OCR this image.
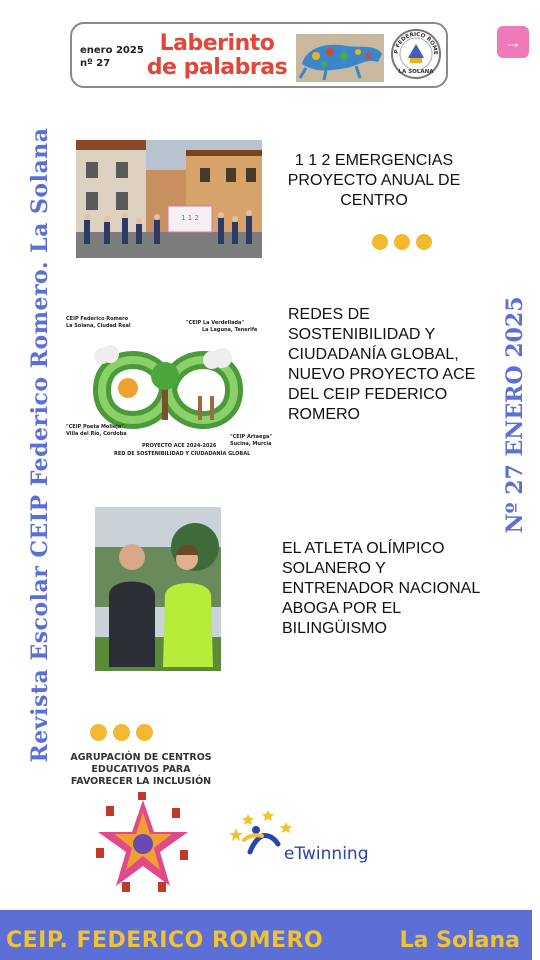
enero 2025
nº 27
Laberinto
de palabras
P FEDERICO ROME
LA SOLANA
→
Revista Escolar CEIP Federico Romero. La Solana	Nº 27 ENERO 2025
1 1 2
1 1 2 EMERGENCIAS PROYECTO ANUAL DE CENTRO
CEIP Federico Romero La Solana, Ciudad Real	"CEIP La Verdellada" La Laguna, Tenerife "CEIP Poeta Molleja". Villa del Río, Córdoba	"CEIP Artaega" Sucina, Murcia PROYECTO ACE 2024-2026 RED DE SOSTENIBILIDAD Y CIUDADANÍA GLOBAL
REDES DE SOSTENIBILIDAD Y CIUDADANÍA GLOBAL, NUEVO PROYECTO ACE DEL CEIP FEDERICO ROMERO
EL ATLETA OLÍMPICO SOLANERO Y ENTRENADOR NACIONAL ABOGA POR EL BILINGÜISMO
AGRUPACIÓN DE CENTROS EDUCATIVOS PARA FAVORECER LA INCLUSIÓN
eTwinning
CEIP. FEDERICO ROMERO	La Solana
